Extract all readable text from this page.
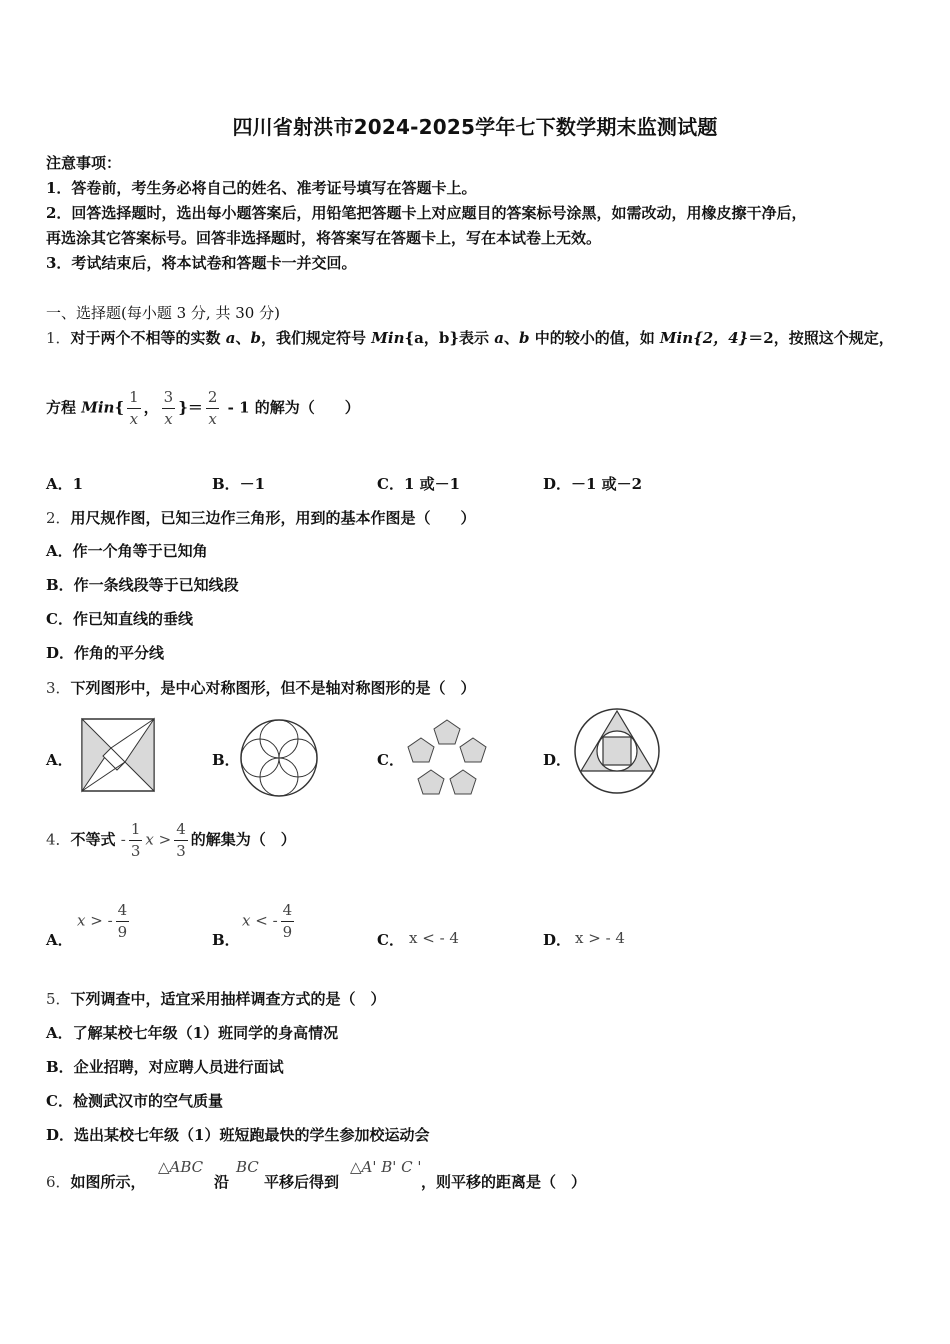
四川省射洪市2024-2025学年七下数学期末监测试题
注意事项：
1．答卷前，考生务必将自己的姓名、准考证号填写在答题卡上。
2．回答选择题时，选出每小题答案后，用铅笔把答题卡上对应题目的答案标号涂黑，如需改动，用橡皮擦干净后，
再选涂其它答案标号。回答非选择题时，将答案写在答题卡上，写在本试卷上无效。
3．考试结束后，将本试卷和答题卡一并交回。
一、选择题(每小题 3 分, 共 30 分)
1．对于两个不相等的实数 a、b，我们规定符号 Min{a，b}表示 a、b 中的较小的值，如 Min{2，4}＝2，按照这个规定，
方程 $Min\{ \frac{1}{x}$ ， $\frac{3}{x}$ }＝ $\frac{2}{x} - 1$ 的解为（　　）
A．1	B．－1	C．1 或－1	D．－1 或－2
2．用尺规作图，已知三边作三角形，用到的基本作图是（　　）
A．作一个角等于已知角
B．作一条线段等于已知线段
C．作已知直线的垂线
D．作角的平分线
3．下列图形中，是中心对称图形，但不是轴对称图形的是（　）
A．	B．	C．	D．
4．不等式 - $\frac{1}{3}$ $x > \frac{4}{3}$ 的解集为（　）
A．
x > - $\frac{4}{9}$	B．
x < - $\frac{4}{9}$	C． x < - 4	D． x > - 4
5．下列调查中，适宜采用抽样调查方式的是（　）
A．了解某校七年级（1）班同学的身高情况
B．企业招聘，对应聘人员进行面试
C．检测武汉市的空气质量
D．选出某校七年级（1）班短跑最快的学生参加校运动会
6．如图所示，
△ABC
沿
BC
平移后得到
△A' B' C '
，则平移的距离是（　）
